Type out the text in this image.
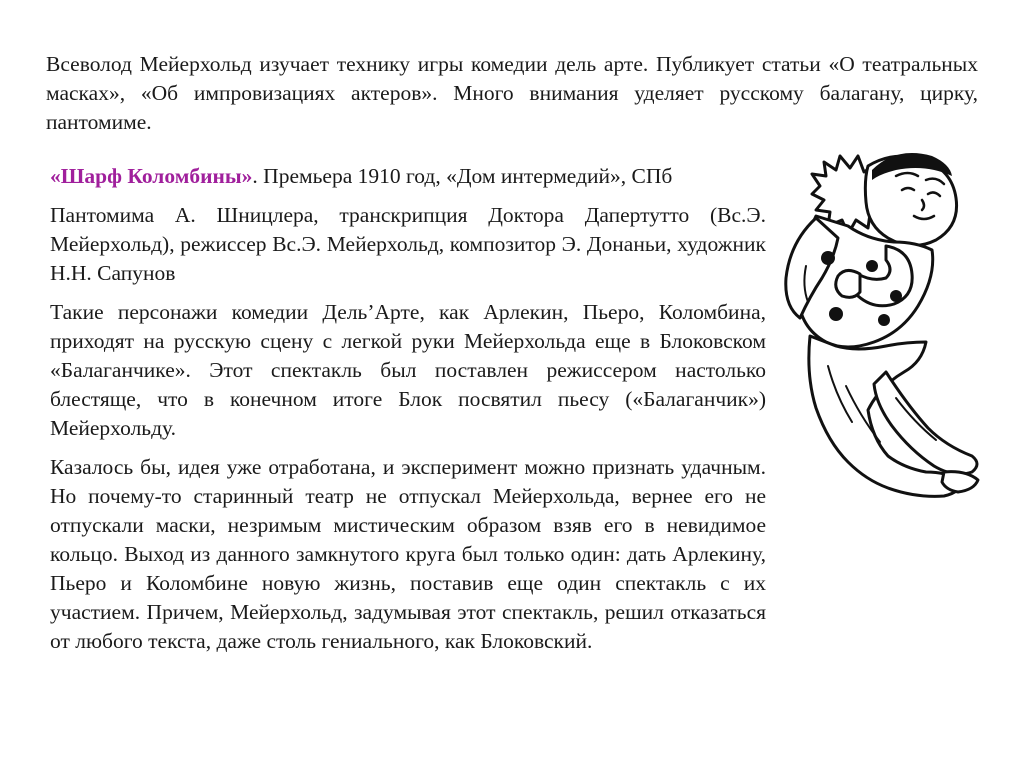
Всеволод Мейерхольд изучает технику игры комедии дель арте. Публикует статьи «О театральных масках», «Об импровизациях актеров». Много внимания уделяет русскому балагану, цирку, пантомиме.

«Шарф Коломбины». Премьера 1910 год, «Дом интермедий», СПб

Пантомима А. Шницлера, транскрипция Доктора Дапертутто (Вс.Э. Мейерхольд), режиссер Вс.Э. Мейерхольд, композитор Э. Донаньи, художник Н.Н. Сапунов

Такие персонажи комедии Дель’Арте, как Арлекин, Пьеро, Коломбина, приходят на русскую сцену с легкой руки Мейерхольда еще в Блоковском «Балаганчике». Этот спектакль был поставлен режиссером настолько блестяще, что в конечном итоге Блок посвятил пьесу («Балаганчик») Мейерхольду.

Казалось бы, идея уже отработана, и эксперимент можно признать удачным. Но почему-то старинный театр не отпускал Мейерхольда, вернее его не отпускали маски, незримым мистическим образом взяв его в невидимое кольцо. Выход из данного замкнутого круга был только один: дать Арлекину, Пьеро и Коломбине новую жизнь, поставив еще один спектакль с их участием. Причем, Мейерхольд, задумывая этот спектакль, решил отказаться от любого текста, даже столь гениального, как Блоковский.
